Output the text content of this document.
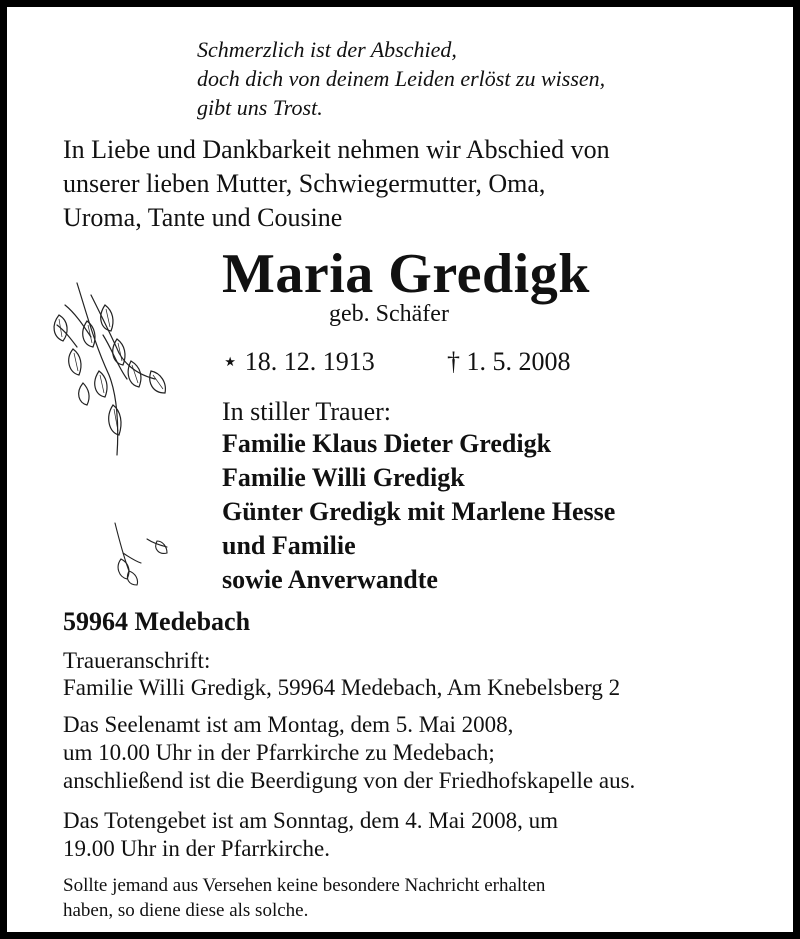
Schmerzlich ist der Abschied,
doch dich von deinem Leiden erlöst zu wissen,
gibt uns Trost.
In Liebe und Dankbarkeit nehmen wir Abschied von
unserer lieben Mutter, Schwiegermutter, Oma,
Uroma, Tante und Cousine
Maria Gredigk
geb. Schäfer
⋆ 18. 12. 1913	† 1. 5. 2008
In stiller Trauer:
Familie Klaus Dieter Gredigk
Familie Willi Gredigk
Günter Gredigk mit Marlene Hesse
und Familie
sowie Anverwandte
59964 Medebach
Traueranschrift:
Familie Willi Gredigk, 59964 Medebach, Am Knebelsberg 2
Das Seelenamt ist am Montag, dem 5. Mai 2008,
um 10.00 Uhr in der Pfarrkirche zu Medebach;
anschließend ist die Beerdigung von der Friedhofskapelle aus.
Das Totengebet ist am Sonntag, dem 4. Mai 2008, um
19.00 Uhr in der Pfarrkirche.
Sollte jemand aus Versehen keine besondere Nachricht erhalten
haben, so diene diese als solche.
